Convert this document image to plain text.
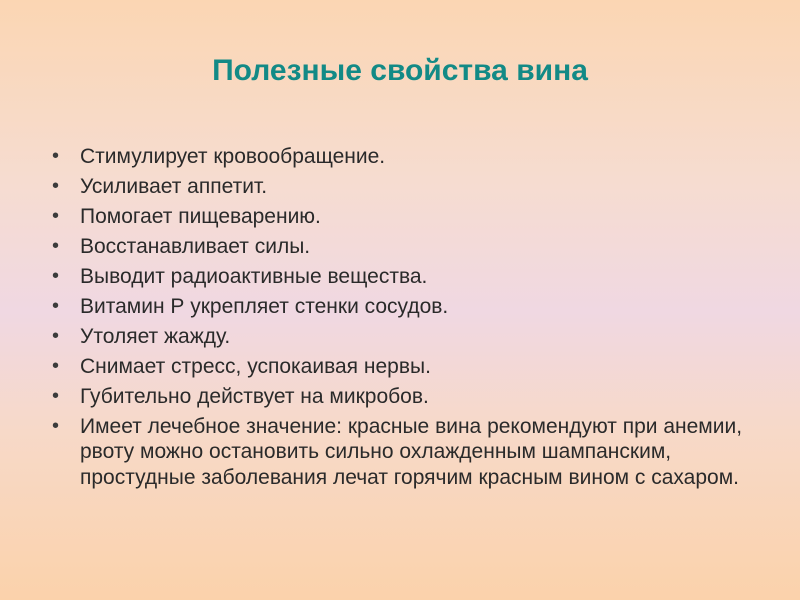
Полезные свойства вина
• Стимулирует кровообращение.
• Усиливает аппетит.
• Помогает пищеварению.
• Восстанавливает силы.
• Выводит радиоактивные вещества.
• Витамин Р укрепляет стенки сосудов.
• Утоляет жажду.
• Снимает стресс, успокаивая нервы.
• Губительно действует на микробов.
• Имеет лечебное значение: красные вина рекомендуют при анемии, рвоту можно остановить сильно охлажденным шампанским, простудные заболевания лечат горячим красным вином с сахаром.
